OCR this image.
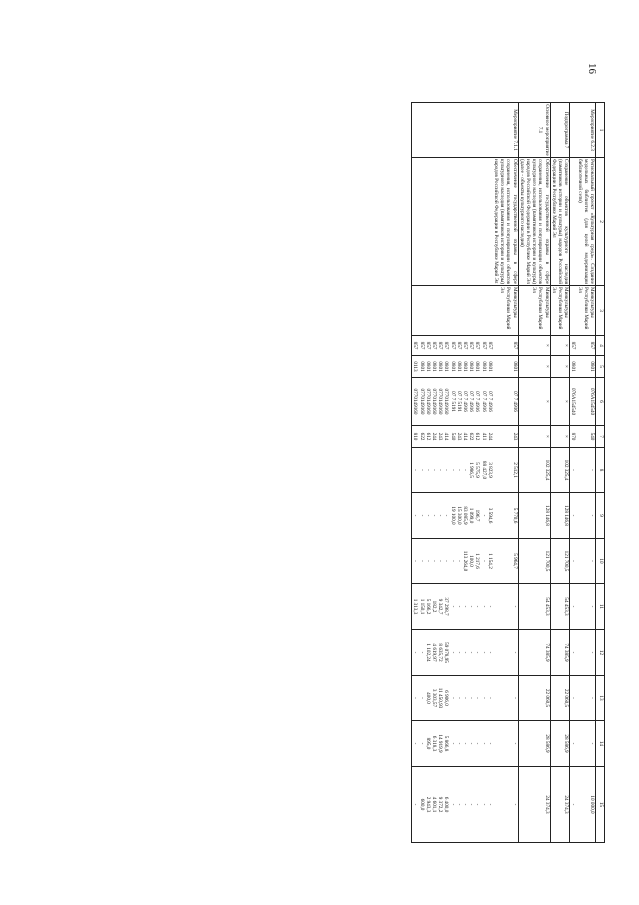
16
1	2	3	4	5	6	7	8	9	10	11	12	13	14	15
Мероприятие 6.2.3	Региональный проект «Культурная среда». Создание модельных библиотек (для целей модернизации библиотечной сети)	Минкультуры Республики Марий Эл	857	0801	076А154540	540	-	-	-	-	-	-	-	10 000,0
			857	0801	076А154540	870	-	-	-	-	-	-	-	-
Подпрограмма 7	Сохранение объектов культурного наследия (памятников истории и культуры) народов Российской Федерации в Республике Марий Эл	Минкультуры Республики Марий Эл	×	×	×	×	102 325,4	128 146,8	121 700,5	54 453,3	74 385,9	22 060,5	28 586,9	24 374,3
Основное мероприятие 7.1	Обеспечение государственной охраны в сфере сохранения, использования и популяризации объектов культурного наследия (памятников истории и культуры) народов Российской Федерации в Республике Марий Эл (далее - объекты культурного наследия)	Минкультуры Республики Марий Эл	×	×	×	×	102 325,4	128 146,8	121 700,5	54 453,3	74 385,9	22 060,5	28 586,9	24 374,3
Мероприятие 7.1.1	Обеспечение государственной охраны в сфере сохранения, использования и популяризации объектов культурного наследия (памятников истории и культуры) народов Российской Федерации в Республике Марий Эл	Минкультуры Республики Марий Эл	857	0801	07 7 4916	243	2 512,1	5 770,6	5 964,7	-	-	-	-	-
			857	0801	07 7 4916	244	3 823,9	3 594,6	1 154,2	-	-	-	-	-
			857	0801	07 7 4916	411	88 427,0	-	-	-	-	-	-	-
			857	0801	07 7 4916	612	5 575,9	196,7	1 217,6	-	-	-	-	-
			857	0801	07 7 4916	622	1 986,5	1 099,0	100,0	-	-	-	-	-
			857	0801	07 7 4916	414	-	83 085,9	113 264,0	-	-	-	-	-
			857	0801	07 7 5191	243	-	15 300,0	-	-	-	-	-	-
			857	0801	07 7 5191	540	-	19 100,0	-	-	-	-	-	-
			857	0801	0770149160	414	-	-	-	37 298,7	59 078,95	6 906,0	5 866,8	6 400,0
			857	0801	0770149160	243	-	-	-	9 342,7	8 635,72	11 450,93	14 919,9	9 372,2
			857	0801	0770149160	244	-	-	-	182,2	4 619,97	3 303,57	6 318,3	4 601,1
			857	0801	0770149160	612	-	-	-	5 166,2	1 102,24	400,0	895,0	2 943,3
			857	0801	0770149160	622	-	-	-	1 150,1	-	-	-	600,0
			857	0113	0770149160	810	-	-	-	1 313,3	-	-	-	-
